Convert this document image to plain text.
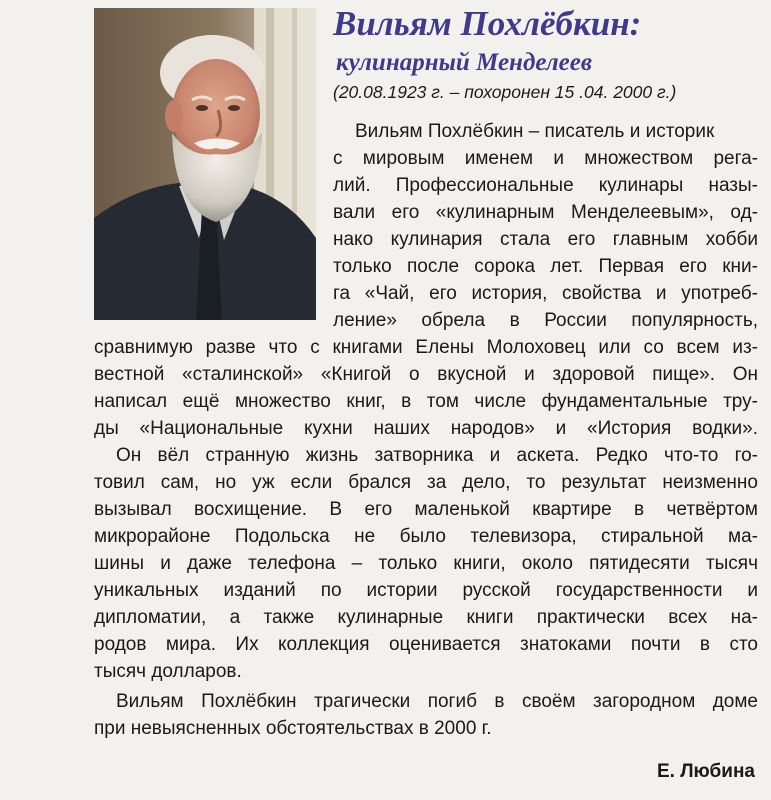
Вильям Похлёбкин:
кулинарный Менделеев

(20.08.1923 г. – похоронен 15 .04. 2000 г.)

Вильям Похлёбкин – писатель и историк

с мировым именем и множеством рега-

лий. Профессиональные кулинары назы-

вали его «кулинарным Менделеевым», од-

нако кулинария стала его главным хобби

только после сорока лет. Первая его кни-

га «Чай, его история, свойства и употреб-

ление» обрела в России популярность,

сравнимую разве что с книгами Елены Молоховец или со всем из-

вестной «сталинской» «Книгой о вкусной и здоровой пище». Он

написал ещё множество книг, в том числе фундаментальные тру-

ды «Национальные кухни наших народов» и «История водки».

Он вёл странную жизнь затворника и аскета. Редко что-то го-

товил сам, но уж если брался за дело, то результат неизменно

вызывал восхищение. В его маленькой квартире в четвёртом

микрорайоне Подольска не было телевизора, стиральной ма-

шины и даже телефона – только книги, около пятидесяти тысяч

уникальных изданий по истории русской государственности и

дипломатии, а также кулинарные книги практически всех на-

родов мира. Их коллекция оценивается знатоками почти в сто

тысяч долларов.

Вильям Похлёбкин трагически погиб в своём загородном доме

при невыясненных обстоятельствах в 2000 г.

Е. Любина
